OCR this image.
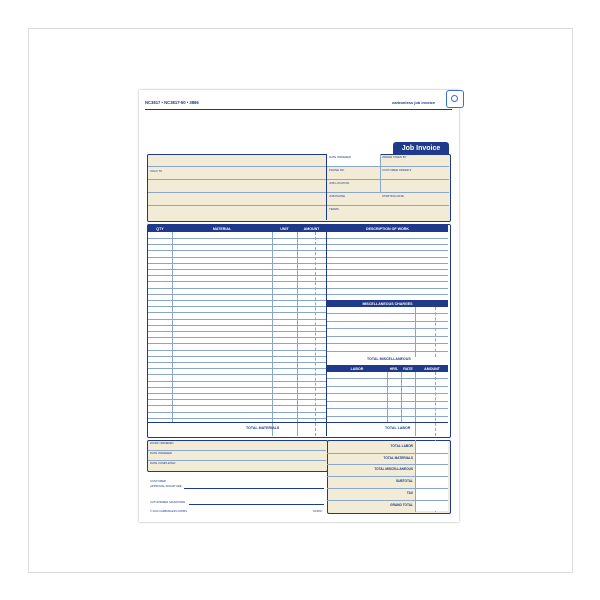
NC3817 • NC3817-50 • 3866	carbonless job invoice
Job Invoice
DATE ORDERED	ORDER TAKEN BY
PHONE NO.	CUSTOMER ORDER #
JOB LOCATION
JOB PHONE	STARTING DATE
TERMS
SOLD TO
QTY	MATERIAL	UNIT	AMOUNT	DESCRIPTION OF WORK
TOTAL MATERIALS
MISCELLANEOUS CHARGES
TOTAL MISCELLANEOUS
LABOR	HRS.	RATE	AMOUNT
TOTAL LABOR
WORK ORDERED
DATE ORDERED
DATE COMPLETED
CUSTOMER
APPROVAL SIGNATURE
AUTHORIZED SIGNATURE
© 2013 CARBONLESS FORMS	NC3817
TOTAL LABOR
TOTAL MATERIALS
TOTAL MISCELLANEOUS
SUBTOTAL
TAX
GRAND TOTAL
